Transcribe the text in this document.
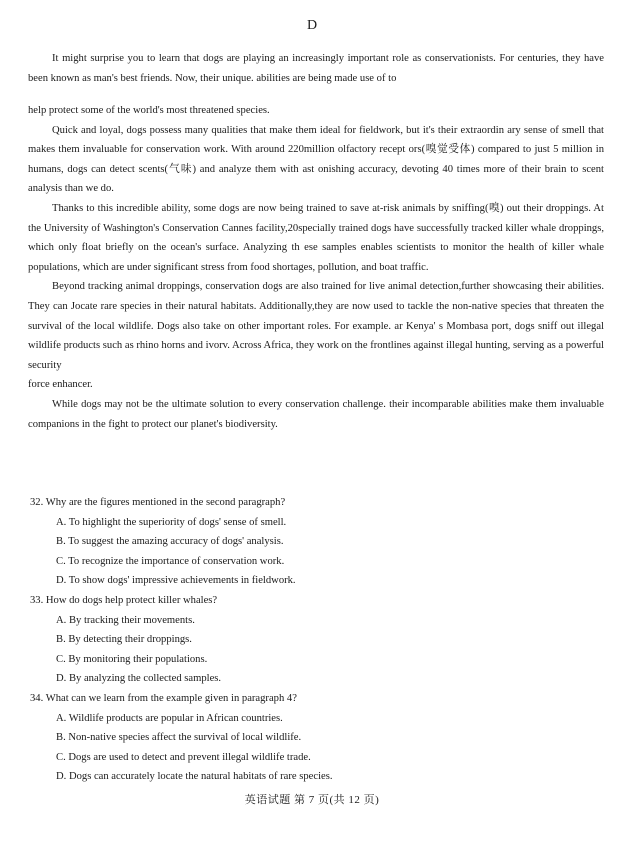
D

It might surprise you to learn that dogs are playing an increasingly important role as conservationists. For centuries, they have been known as man's best friends. Now, their unique. abilities are being made use of to

help protect some of the world's most threatened species.

Quick and loyal, dogs possess many qualities that make them ideal for fieldwork, but it's their extraordin ary sense of smell that makes them invaluable for conservation work. With around 220million olfactory recept ors(嗅觉受体) compared to just 5 million in humans, dogs can detect scents(气味) and analyze them with ast onishing accuracy, devoting 40 times more of their brain to scent analysis than we do.

Thanks to this incredible ability, some dogs are now being trained to save at-risk animals by sniffing(嗅) out their droppings. At the University of Washington's Conservation Cannes facility,20specially trained dogs have successfully tracked killer whale droppings, which only float briefly on the ocean's surface. Analyzing th ese samples enables scientists to monitor the health of killer whale populations, which are under significant stress from food shortages, pollution, and boat traffic.

Beyond tracking animal droppings, conservation dogs are also trained for live animal detection,further showcasing their abilities. They can Jocate rare species in their natural habitats. Additionally,they are now used to tackle the non-native species that threaten the survival of the local wildlife. Dogs also take on other important roles. For example. ar Kenya' s Mombasa port, dogs sniff out illegal wildlife products such as rhino horns and ivorv. Across Africa, they work on the frontlines against illegal hunting, serving as a powerful security

force enhancer.

While dogs may not be the ultimate solution to every conservation challenge. their incomparable abilities make them invaluable companions in the fight to protect our planet's biodiversity.

32. Why are the figures mentioned in the second paragraph?

A. To highlight the superiority of dogs' sense of smell.

B. To suggest the amazing accuracy of dogs' analysis.

C. To recognize the importance of conservation work.

D. To show dogs' impressive achievements in fieldwork.

33. How do dogs help protect killer whales?

A. By tracking their movements.

B. By detecting their droppings.

C. By monitoring their populations.

D. By analyzing the collected samples.

34. What can we learn from the example given in paragraph 4?

A. Wildlife products are popular in African countries.

B. Non-native species affect the survival of local wildlife.

C. Dogs are used to detect and prevent illegal wildlife trade.

D. Dogs can accurately locate the natural habitats of rare species.

英语试题 第 7 页(共 12 页)
